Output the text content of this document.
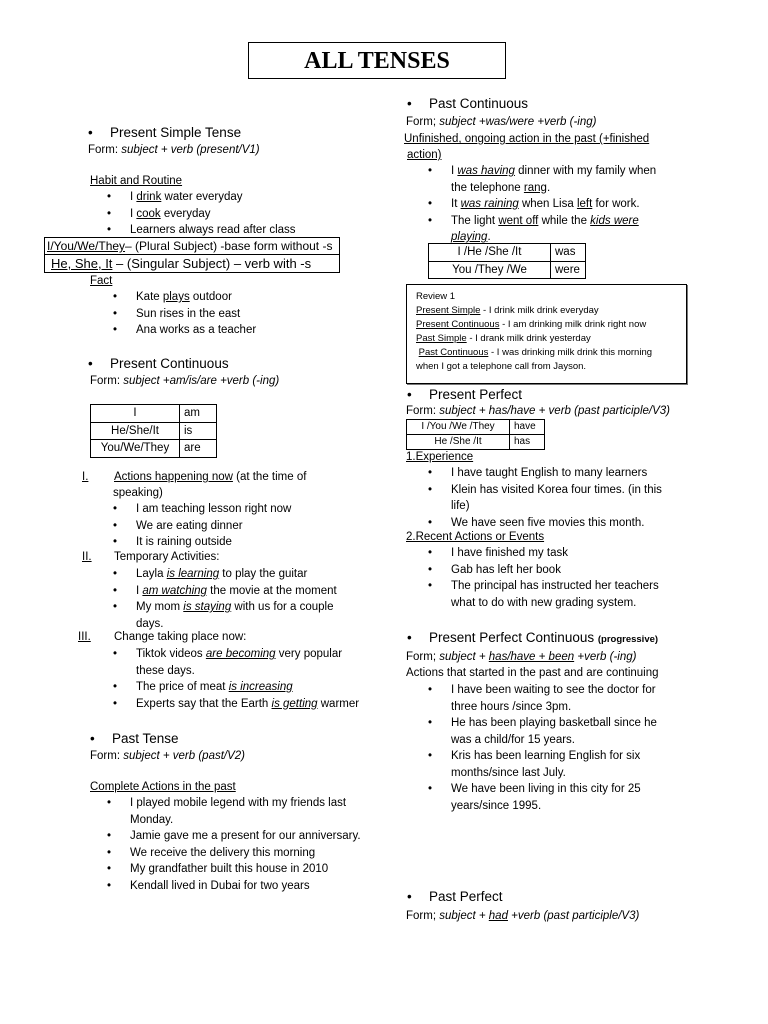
ALL TENSES
• Present Simple Tense
Form: subject + verb (present/V1)
Habit and Routine
• I drink water everyday
• I cook everyday
• Learners always read after class
I/You/We/They– (Plural Subject) -base form without -s
He, She, It – (Singular Subject) – verb with -s
Fact
• Kate plays outdoor
• Sun rises in the east
• Ana works as a teacher
• Present Continuous
Form: subject +am/is/are +verb (-ing)
I	am
He/She/It	is
You/We/They	are
I. Actions happening now (at the time of
speaking)
• I am teaching lesson right now
• We are eating dinner
• It is raining outside
II. Temporary Activities:
• Layla is learning to play the guitar
• I am watching the movie at the moment
• My mom is staying with us for a couple
days.
III. Change taking place now:
• Tiktok videos are becoming very popular
these days.
• The price of meat is increasing
• Experts say that the Earth is getting warmer
• Past Tense
Form: subject + verb (past/V2)
Complete Actions in the past
• I played mobile legend with my friends last
Monday.
• Jamie gave me a present for our anniversary.
• We receive the delivery this morning
• My grandfather built this house in 2010
• Kendall lived in Dubai for two years
• Past Continuous
Form; subject +was/were +verb (-ing)
Unfinished, ongoing action in the past (+finished
action)
• I was having dinner with my family when
the telephone rang.
• It was raining when Lisa left for work.
• The light went off while the kids were
playing.
I /He /She /It	was
You /They /We	were
Review 1
Present Simple - I drink milk drink everyday
Present Continuous - I am drinking milk drink right now
Past Simple - I drank milk drink yesterday
Past Continuous - I was drinking milk drink this morning
when I got a telephone call from Jayson.
• Present Perfect
Form: subject + has/have + verb (past participle/V3)
I /You /We /They	have
He /She /It	has
1.Experience
• I have taught English to many learners
• Klein has visited Korea four times. (in this
life)
• We have seen five movies this month.
2.Recent Actions or Events
• I have finished my task
• Gab has left her book
• The principal has instructed her teachers
what to do with new grading system.
• Present Perfect Continuous (progressive)
Form; subject + has/have + been +verb (-ing)
Actions that started in the past and are continuing
• I have been waiting to see the doctor for
three hours /since 3pm.
• He has been playing basketball since he
was a child/for 15 years.
• Kris has been learning English for six
months/since last July.
• We have been living in this city for 25
years/since 1995.
• Past Perfect
Form; subject + had +verb (past participle/V3)
